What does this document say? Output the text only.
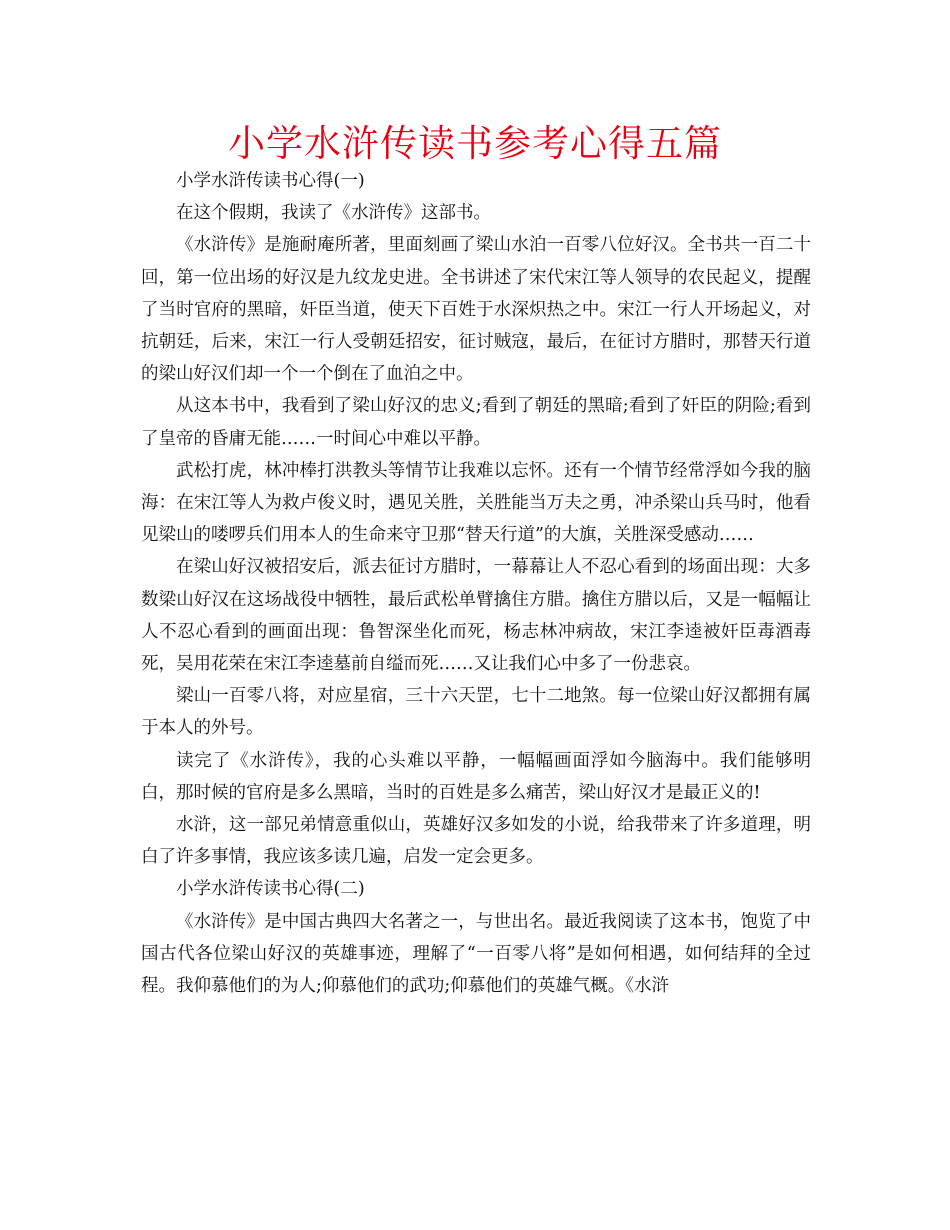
小学水浒传读书参考心得五篇

小学水浒传读书心得(一)

在这个假期，我读了《水浒传》这部书。

《水浒传》是施耐庵所著，里面刻画了梁山水泊一百零八位好汉。全书共一百二十回，第一位出场的好汉是九纹龙史进。全书讲述了宋代宋江等人领导的农民起义，提醒了当时官府的黑暗，奸臣当道，使天下百姓于水深炽热之中。宋江一行人开场起义，对抗朝廷，后来，宋江一行人受朝廷招安，征讨贼寇，最后，在征讨方腊时，那替天行道的梁山好汉们却一个一个倒在了血泊之中。

从这本书中，我看到了梁山好汉的忠义;看到了朝廷的黑暗;看到了奸臣的阴险;看到了皇帝的昏庸无能……一时间心中难以平静。

武松打虎，林冲棒打洪教头等情节让我难以忘怀。还有一个情节经常浮如今我的脑海：在宋江等人为救卢俊义时，遇见关胜，关胜能当万夫之勇，冲杀梁山兵马时，他看见梁山的喽啰兵们用本人的生命来守卫那“替天行道”的大旗，关胜深受感动……

在梁山好汉被招安后，派去征讨方腊时，一幕幕让人不忍心看到的场面出现：大多数梁山好汉在这场战役中牺牲，最后武松单臂擒住方腊。擒住方腊以后，又是一幅幅让人不忍心看到的画面出现：鲁智深坐化而死，杨志林冲病故，宋江李逵被奸臣毒酒毒死，吴用花荣在宋江李逵墓前自缢而死……又让我们心中多了一份悲哀。

梁山一百零八将，对应星宿，三十六天罡，七十二地煞。每一位梁山好汉都拥有属于本人的外号。

读完了《水浒传》，我的心头难以平静，一幅幅画面浮如今脑海中。我们能够明白，那时候的官府是多么黑暗，当时的百姓是多么痛苦，梁山好汉才是最正义的!

水浒，这一部兄弟情意重似山，英雄好汉多如发的小说，给我带来了许多道理，明白了许多事情，我应该多读几遍，启发一定会更多。

小学水浒传读书心得(二)

《水浒传》是中国古典四大名著之一，与世出名。最近我阅读了这本书，饱览了中国古代各位梁山好汉的英雄事迹，理解了“一百零八将”是如何相遇，如何结拜的全过程。我仰慕他们的为人;仰慕他们的武功;仰慕他们的英雄气概。《水浒
